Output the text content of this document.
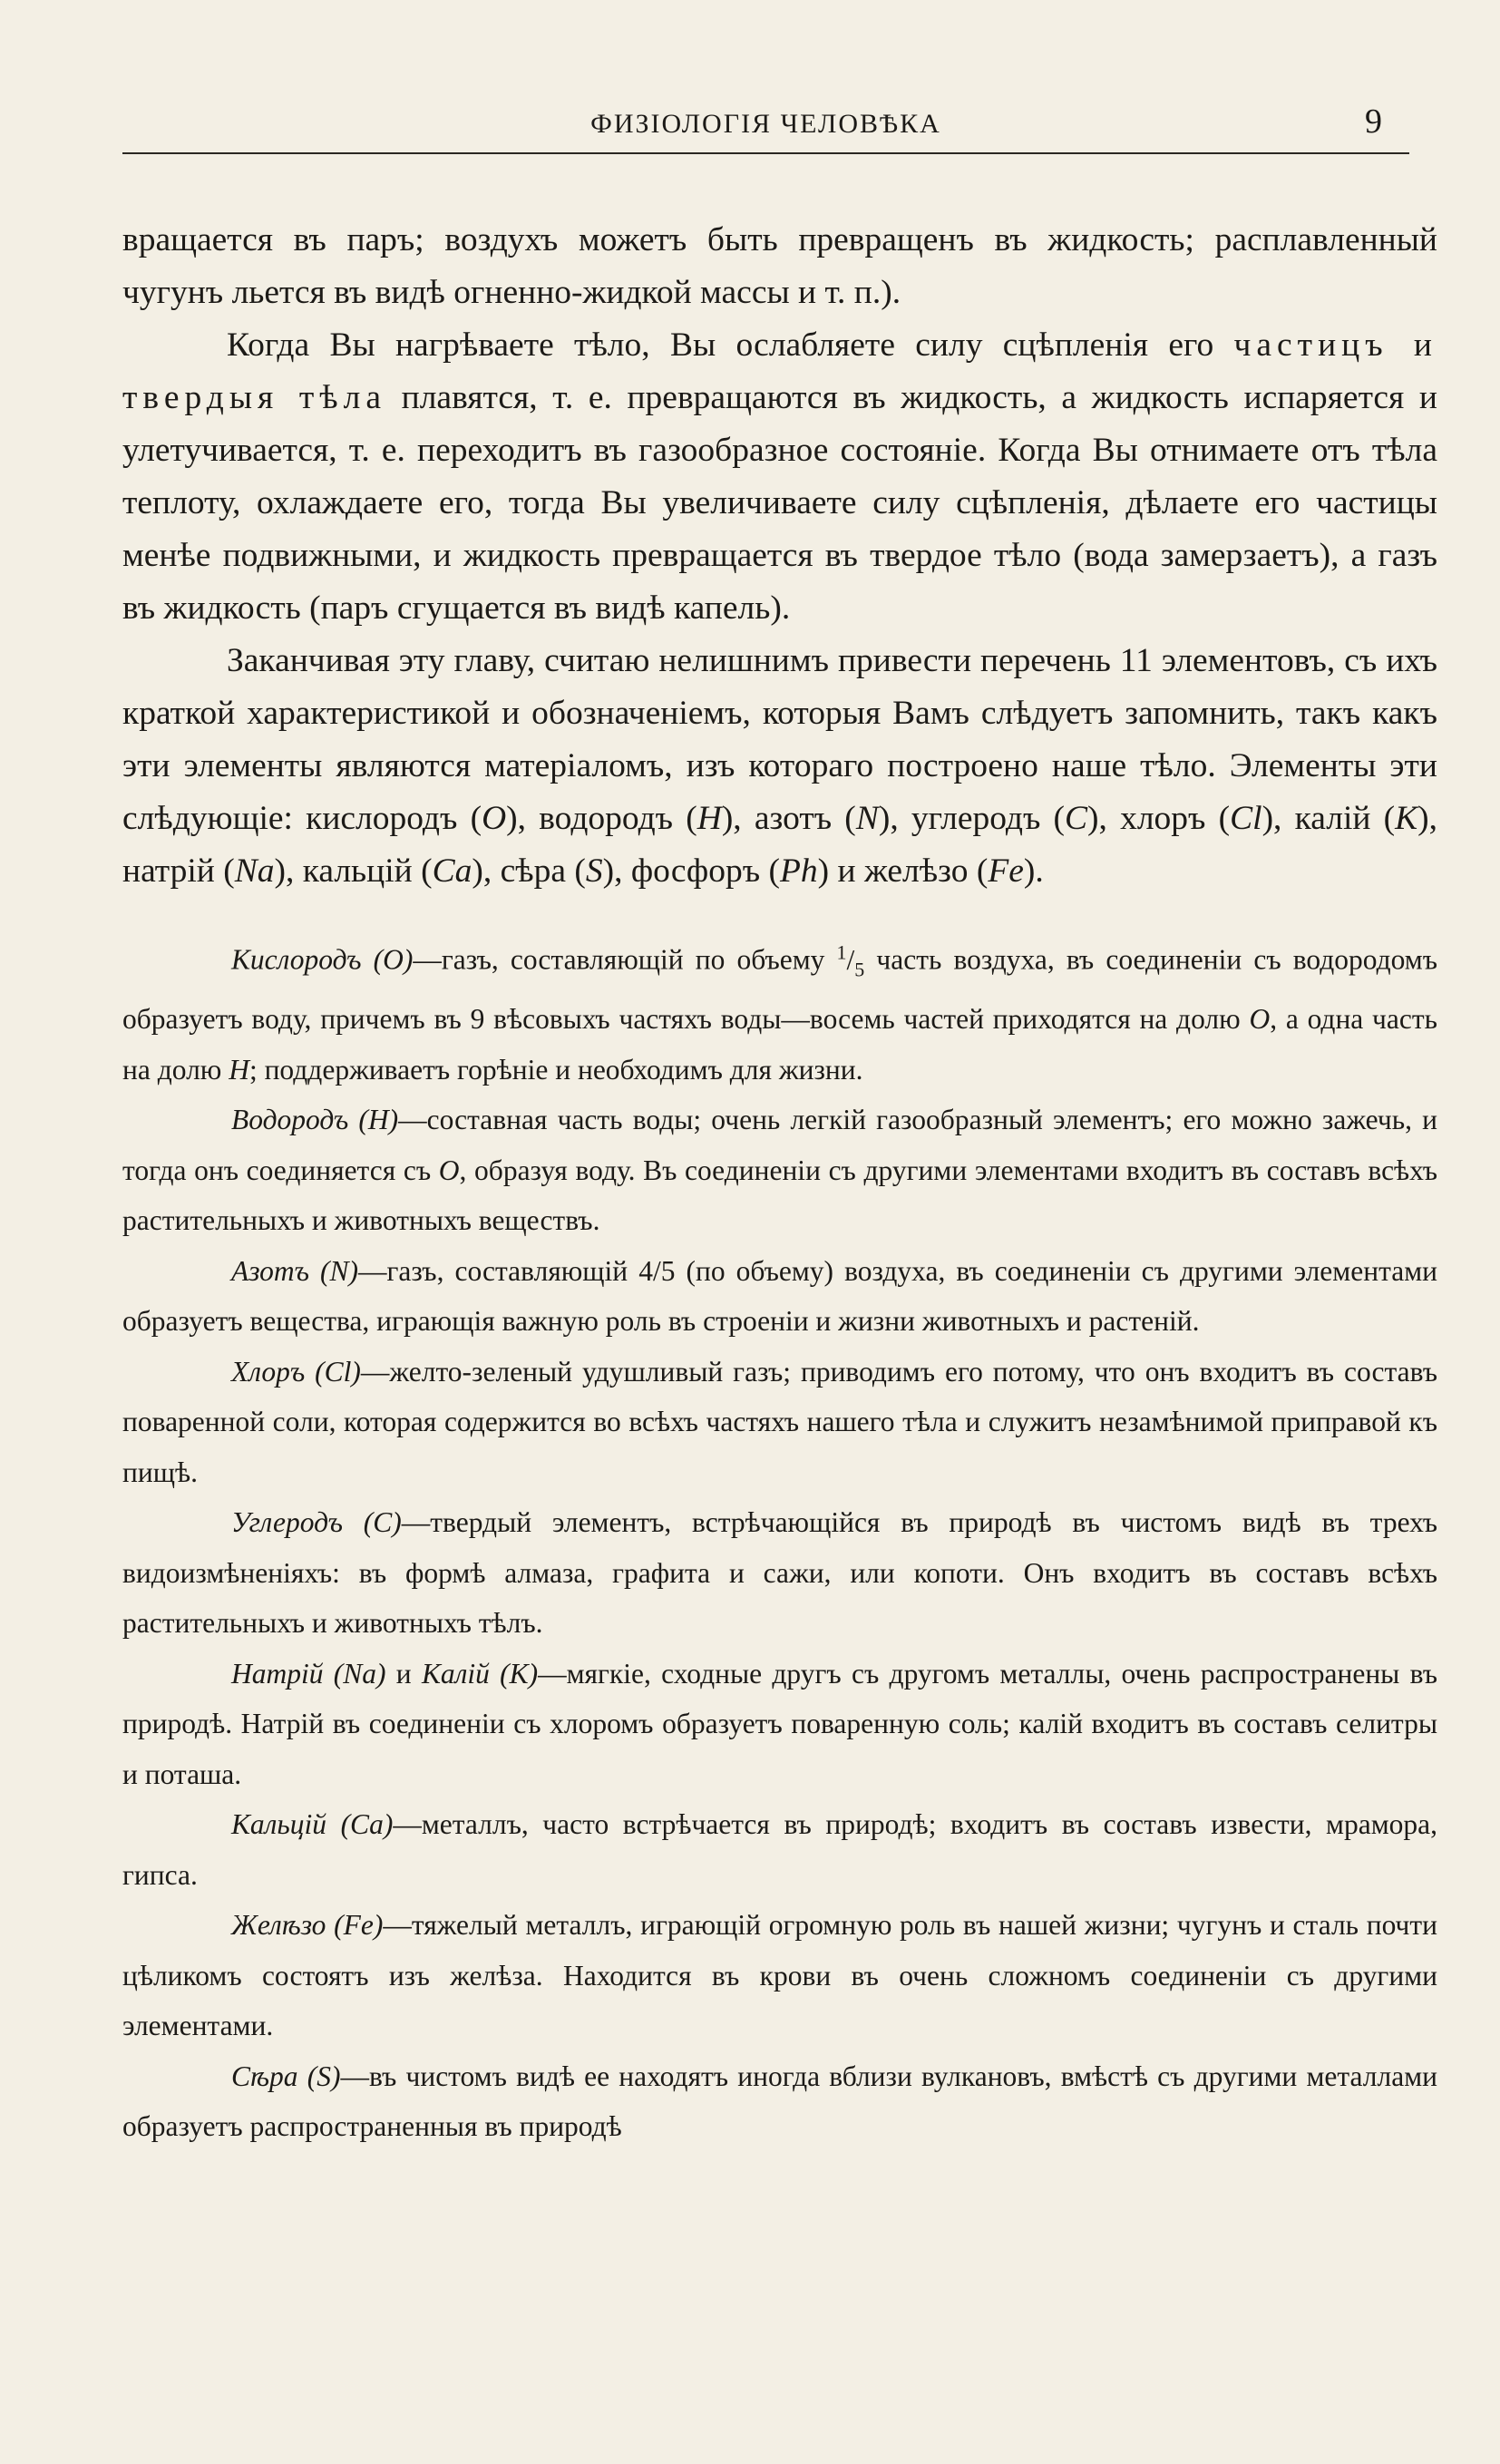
ФИЗІОЛОГІЯ ЧЕЛОВѢКА	9

вращается въ паръ; воздухъ можетъ быть превращенъ въ жидкость; расплавленный чугунъ льется въ видѣ огненно-жидкой массы и т. п.).

Когда Вы нагрѣваете тѣло, Вы ослабляете силу сцѣпленія его частицъ и твердыя тѣла плавятся, т. е. превращаются въ жидкость, а жидкость испаряется и улетучивается, т. е. переходитъ въ газообразное состояніе. Когда Вы отнимаете отъ тѣла теплоту, охлаждаете его, тогда Вы увеличиваете силу сцѣпленія, дѣлаете его частицы менѣе подвижными, и жидкость превращается въ твердое тѣло (вода замерзаетъ), а газъ въ жидкость (паръ сгущается въ видѣ капель).

Заканчивая эту главу, считаю нелишнимъ привести перечень 11 элементовъ, съ ихъ краткой характеристикой и обозначеніемъ, которыя Вамъ слѣдуетъ запомнить, такъ какъ эти элементы являются матеріаломъ, изъ котораго построено наше тѣло. Элементы эти слѣдующіе: кислородъ (O), водородъ (H), азотъ (N), углеродъ (C), хлоръ (Cl), калій (K), натрій (Na), кальцій (Ca), сѣра (S), фосфоръ (Ph) и желѣзо (Fe).

Кислородъ (O)—газъ, составляющій по объему $^1/_5$ часть воздуха, въ соединеніи съ водородомъ образуетъ воду, причемъ въ 9 вѣсовыхъ частяхъ воды—восемь частей приходятся на долю O, а одна часть на долю H; поддерживаетъ горѣніе и необходимъ для жизни.

Водородъ (H)—составная часть воды; очень легкій газообразный элементъ; его можно зажечь, и тогда онъ соединяется съ O, образуя воду. Въ соединеніи съ другими элементами входитъ въ составъ всѣхъ растительныхъ и животныхъ веществъ.

Азотъ (N)—газъ, составляющій 4/5 (по объему) воздуха, въ соединеніи съ другими элементами образуетъ вещества, играющія важную роль въ строеніи и жизни животныхъ и растеній.

Хлоръ (Cl)—желто-зеленый удушливый газъ; приводимъ его потому, что онъ входитъ въ составъ поваренной соли, которая содержится во всѣхъ частяхъ нашего тѣла и служитъ незамѣнимой приправой къ пищѣ.

Углеродъ (C)—твердый элементъ, встрѣчающійся въ природѣ въ чистомъ видѣ въ трехъ видоизмѣненіяхъ: въ формѣ алмаза, графита и сажи, или копоти. Онъ входитъ въ составъ всѣхъ растительныхъ и животныхъ тѣлъ.

Натрій (Na) и Калій (K)—мягкіе, сходные другъ съ другомъ металлы, очень распространены въ природѣ. Натрій въ соединеніи съ хлоромъ образуетъ поваренную соль; калій входитъ въ составъ селитры и поташа.

Кальцій (Ca)—металлъ, часто встрѣчается въ природѣ; входитъ въ составъ извести, мрамора, гипса.

Желѣзо (Fe)—тяжелый металлъ, играющій огромную роль въ нашей жизни; чугунъ и сталь почти цѣликомъ состоятъ изъ желѣза. Находится въ крови въ очень сложномъ соединеніи съ другими элементами.

Сѣра (S)—въ чистомъ видѣ ее находятъ иногда вблизи вулкановъ, вмѣстѣ съ другими металлами образуетъ распространенныя въ природѣ
